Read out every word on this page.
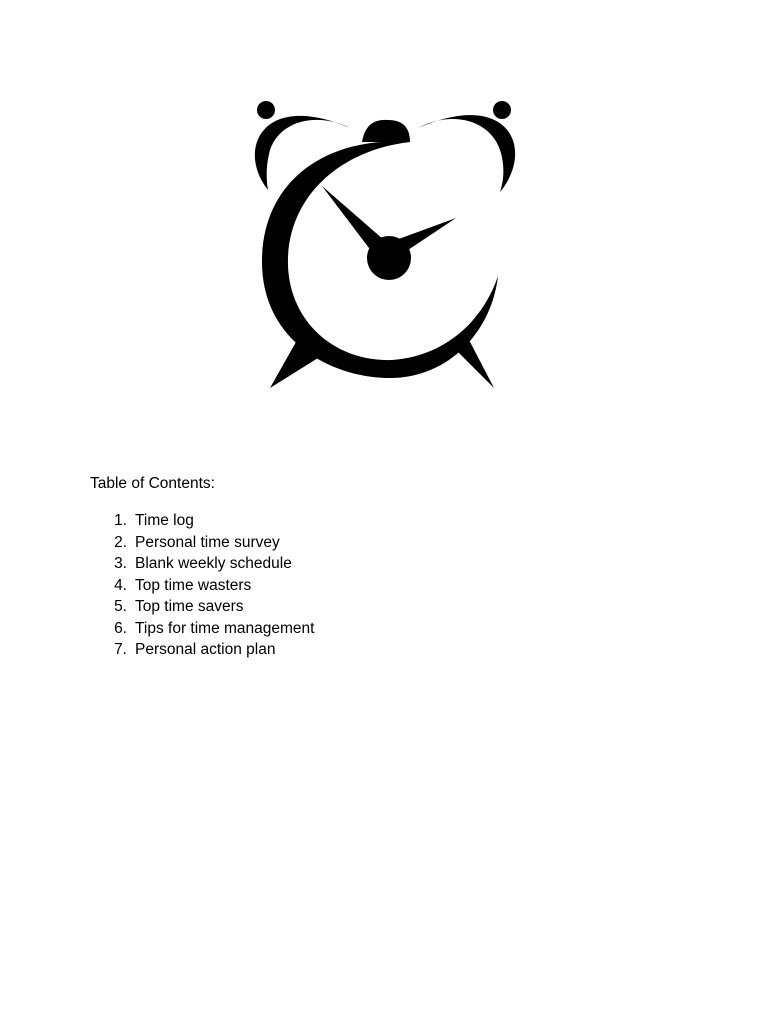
Table of Contents:
1. Time log
2. Personal time survey
3. Blank weekly schedule
4. Top time wasters
5. Top time savers
6. Tips for time management
7. Personal action plan
